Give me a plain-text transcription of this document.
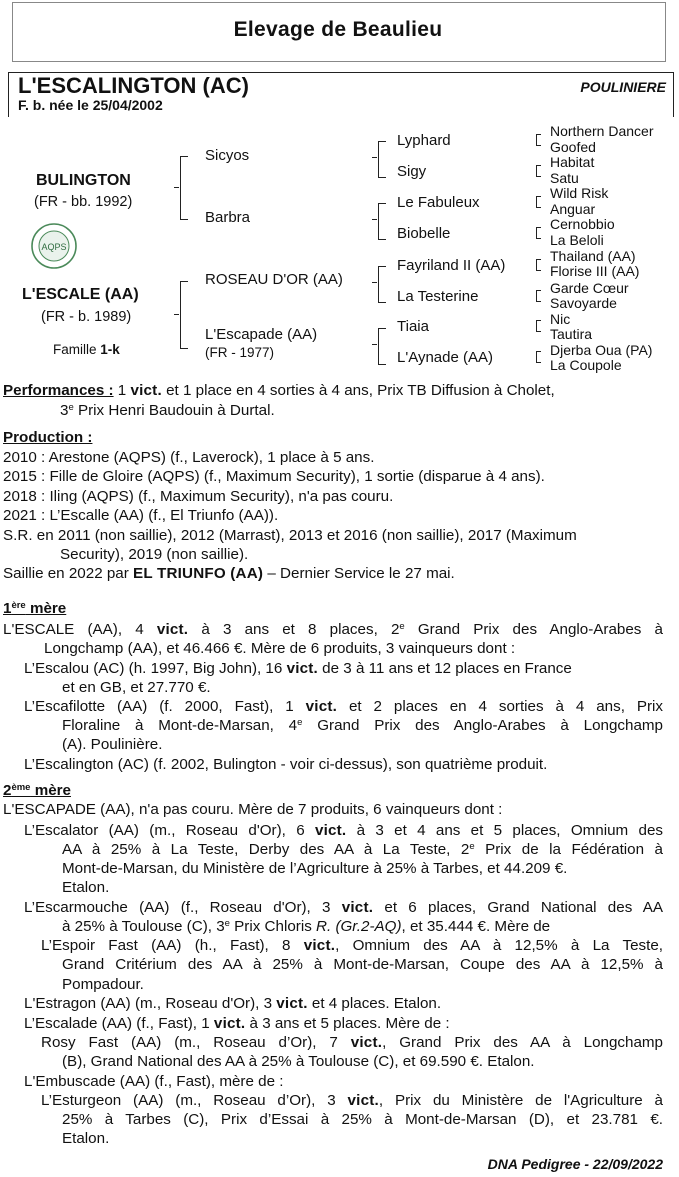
Elevage de Beaulieu
L'ESCALINGTON (AC)	POULINIERE
F. b. née le 25/04/2002
BULINGTON
(FR - bb. 1992)
AQPS
L'ESCALE (AA)
(FR - b. 1989)
Famille 1-k
Sicyos
Barbra
ROSEAU D'OR (AA)
L'Escapade (AA)
(FR - 1977)
Lyphard
Sigy
Le Fabuleux
Biobelle
Fayriland II (AA)
La Testerine
Tiaia
L'Aynade (AA)
Northern Dancer
Goofed
Habitat
Satu
Wild Risk
Anguar
Cernobbio
La Beloli
Thailand (AA)
Florise III (AA)
Garde Cœur
Savoyarde
Nic
Tautira
Djerba Oua (PA)
La Coupole
Performances : 1 vict. et 1 place en 4 sorties à 4 ans, Prix TB Diffusion à Cholet,
3e Prix Henri Baudouin à Durtal.
Production :
2010 : Arestone (AQPS) (f., Laverock), 1 place à 5 ans.
2015 : Fille de Gloire (AQPS) (f., Maximum Security), 1 sortie (disparue à 4 ans).
2018 : Iling (AQPS) (f., Maximum Security), n'a pas couru.
2021 : L’Escalle (AA) (f., El Triunfo (AA)).
S.R. en 2011 (non saillie), 2012 (Marrast), 2013 et 2016 (non saillie), 2017 (Maximum
Security), 2019 (non saillie).
Saillie en 2022 par EL TRIUNFO (AA) – Dernier Service le 27 mai.
1ère mère
L'ESCALE (AA), 4 vict. à 3 ans et 8 places, 2e Grand Prix des Anglo-Arabes à
Longchamp (AA), et 46.466 €. Mère de 6 produits, 3 vainqueurs dont :
L’Escalou (AC) (h. 1997, Big John), 16 vict. de 3 à 11 ans et 12 places en France
et en GB, et 27.770 €.
L’Escafilotte (AA) (f. 2000, Fast), 1 vict. et 2 places en 4 sorties à 4 ans, Prix
Floraline à Mont-de-Marsan, 4e Grand Prix des Anglo-Arabes à Longchamp
(A). Poulinière.
L’Escalington (AC) (f. 2002, Bulington - voir ci-dessus), son quatrième produit.
2ème mère
L'ESCAPADE (AA), n'a pas couru. Mère de 7 produits, 6 vainqueurs dont :
L’Escalator (AA) (m., Roseau d'Or), 6 vict. à 3 et 4 ans et 5 places, Omnium des
AA à 25% à La Teste, Derby des AA à La Teste, 2e Prix de la Fédération à
Mont-de-Marsan, du Ministère de l’Agriculture à 25% à Tarbes, et 44.209 €.
Etalon.
L’Escarmouche (AA) (f., Roseau d'Or), 3 vict. et 6 places, Grand National des AA
à 25% à Toulouse (C), 3e Prix Chloris R. (Gr.2-AQ), et 35.444 €. Mère de
L’Espoir Fast (AA) (h., Fast), 8 vict., Omnium des AA à 12,5% à La Teste,
Grand Critérium des AA à 25% à Mont-de-Marsan, Coupe des AA à 12,5% à
Pompadour.
L'Estragon (AA) (m., Roseau d'Or), 3 vict. et 4 places. Etalon.
L’Escalade (AA) (f., Fast), 1 vict. à 3 ans et 5 places. Mère de :
Rosy Fast (AA) (m., Roseau d’Or), 7 vict., Grand Prix des AA à Longchamp
(B), Grand National des AA à 25% à Toulouse (C), et 69.590 €. Etalon.
L'Embuscade (AA) (f., Fast), mère de :
L’Esturgeon (AA) (m., Roseau d’Or), 3 vict., Prix du Ministère de l'Agriculture à
25% à Tarbes (C), Prix d’Essai à 25% à Mont-de-Marsan (D), et 23.781 €.
Etalon.
DNA Pedigree - 22/09/2022
